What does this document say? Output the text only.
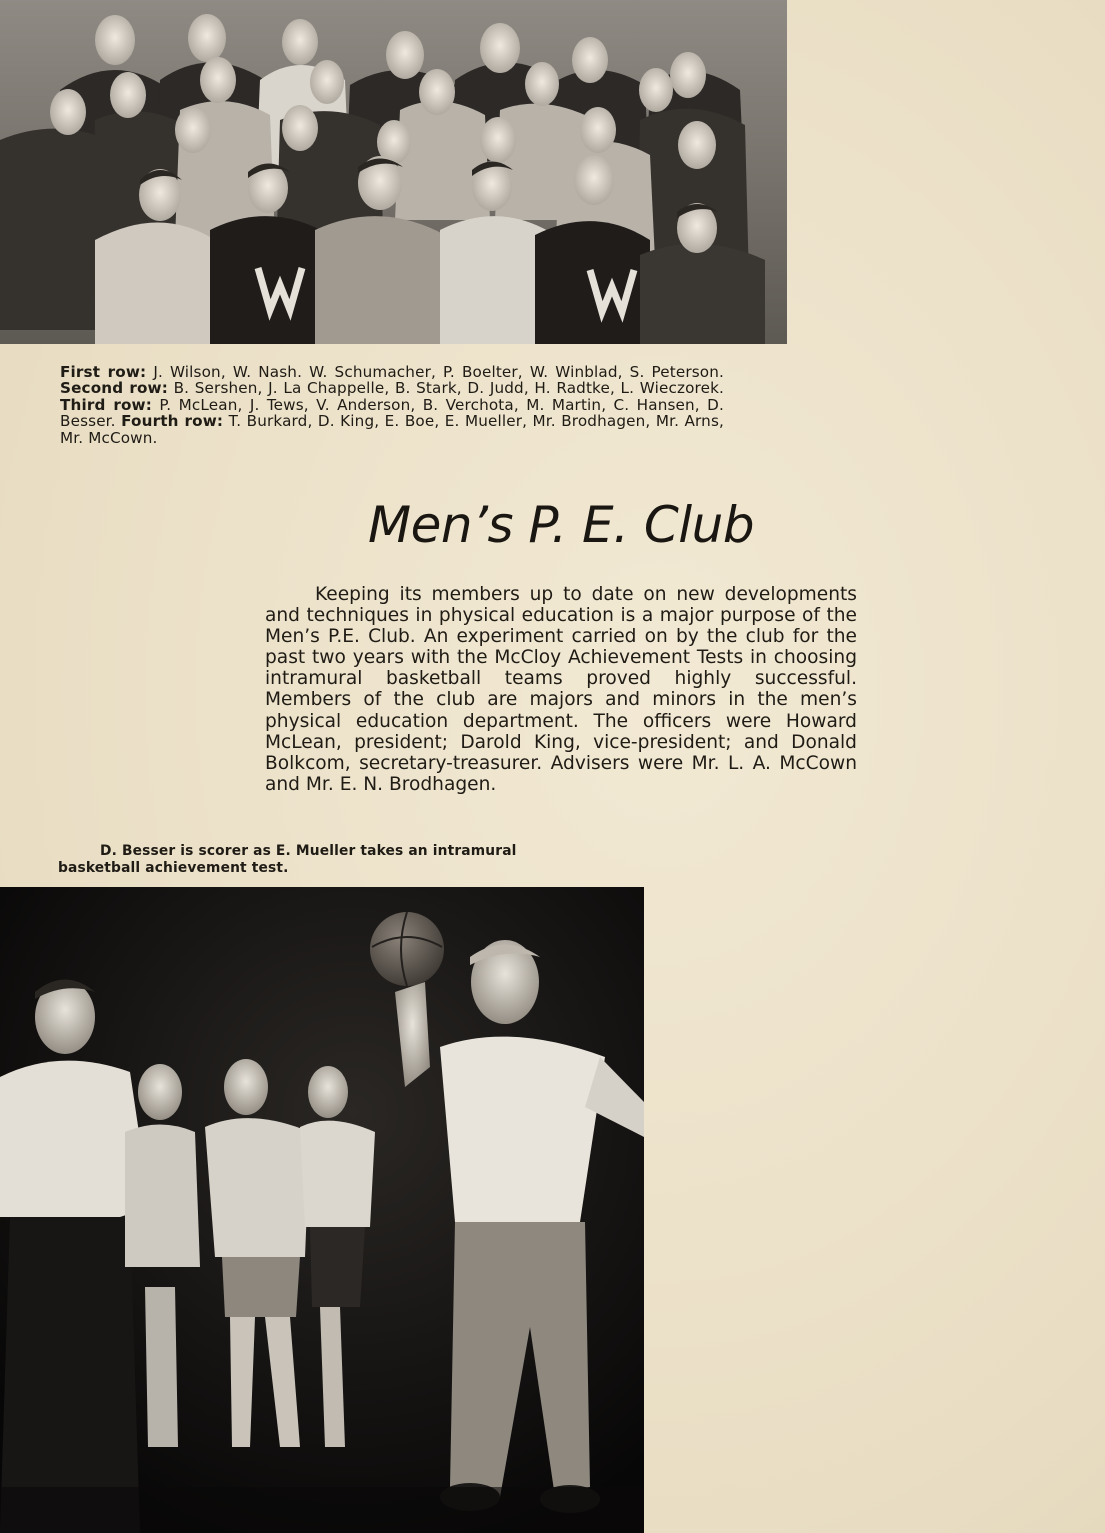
First row: J. Wilson, W. Nash. W. Schumacher, P. Boelter, W. Winblad, S. Peterson. Second row: B. Sershen, J. La Chappelle, B. Stark, D. Judd, H. Radtke, L. Wieczorek. Third row: P. McLean, J. Tews, V. Anderson, B. Verchota, M. Martin, C. Hansen, D. Besser. Fourth row: T. Burkard, D. King, E. Boe, E. Mueller, Mr. Brodhagen, Mr. Arns, Mr. McCown.
Men’s P. E. Club

Keeping its members up to date on new developments and techniques in physical education is a major purpose of the Men’s P.E. Club. An experiment carried on by the club for the past two years with the McCloy Achievement Tests in choosing intramural basketball teams proved highly successful. Members of the club are majors and minors in the men’s physical education department. The officers were Howard McLean, president; Darold King, vice-president; and Donald Bolkcom, secretary-treasurer. Advisers were Mr. L. A. McCown and Mr. E. N. Brodhagen.

D. Besser is scorer as E. Mueller takes an intramural basketball achievement test.
